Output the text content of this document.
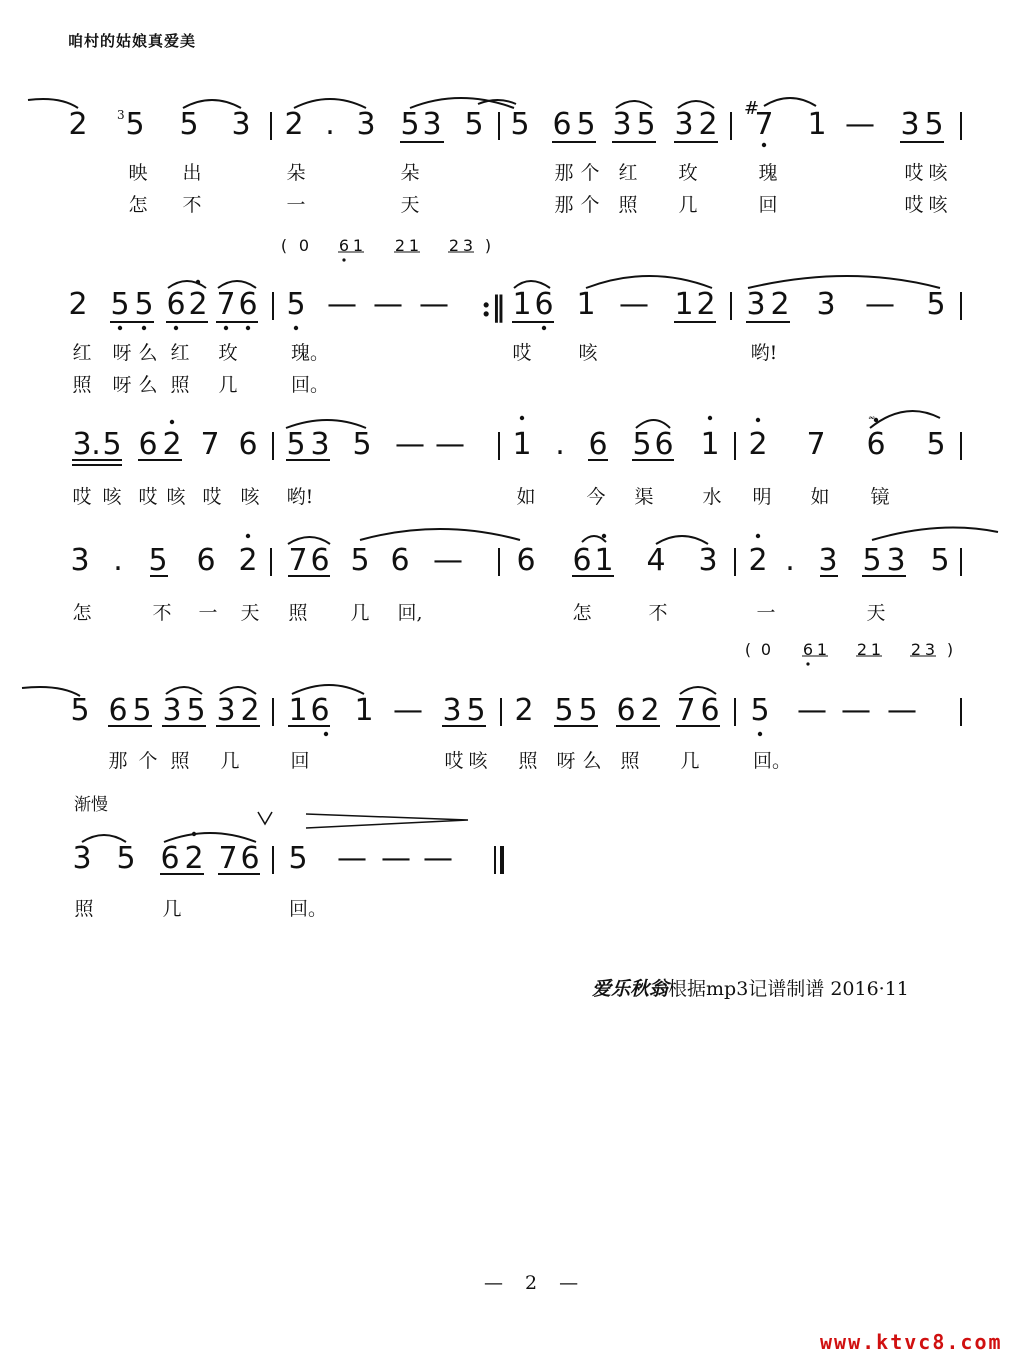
咱村的姑娘真爱美
2 3 5 5 3 2 . 3 5 3 5 5 6 5 3 5 3 2 #
7 1 — 3 5
映 出	朵	朵	那 个 红 玫	瑰	哎 咳
怎 不	一	天	那 个 照 几	回	哎 咳
( 0 6 1 2 1 2 3 )
2 5 5 6 2 7 6 5 — — — :‖ 1 6 1 — 1 2 3 2 3 — 5
红 呀 么 红 玫	瑰。	哎 咳	哟!
照 呀 么 照 几	回。
3 . 5 6 2 7 6 5 3 5 — — 1 . 6 5 6 1 2 7 6 5
𝆗
哎 咳 哎 咳 哎 咳 哟!	如	今 渠	水 明 如 镜
3 . 5 6 2 7 6 5 6 — 6 6 1 4 3 2 . 3 5 3 5
怎	不 一 天 照 几 回,	怎	不	一	天
( 0 6 1 2 1 2 3 )
5 6 5 3 5 3 2 1 6 1 — 3 5 2 5 5 6 2 7 6 5 — — —
那 个 照 几	回	哎 咳 照 呀 么 照 几	回。
渐慢
3 5 6 2 7 6 5 — — —
照	几	回。
爱乐秋翁根据mp3记谱制谱 2016·11
— 2 —
www.ktvc8.com
